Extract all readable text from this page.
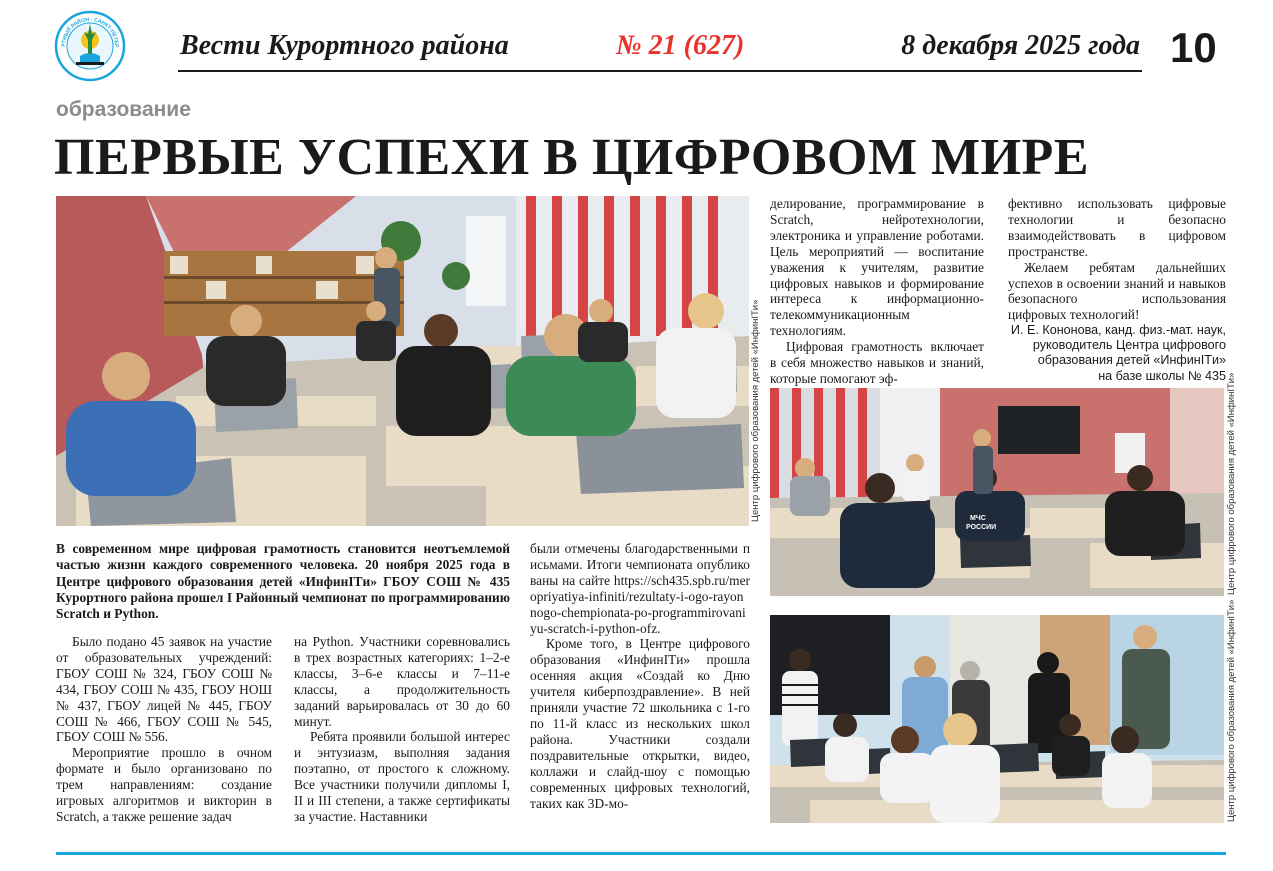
РТНЫЙ РАЙОН · САНКТ-ПЕТЕР Вести Курортного района	№ 21 (627)	8 декабря 2025 года 10
образование
ПЕРВЫЕ УСПЕХИ В ЦИФРОВОМ МИРЕ
Центр цифрового образования детей «ИнфинITи»	МЧС
РОССИИ	Центр цифрового образования детей «ИнфинITи»
Центр цифрового образования детей «ИнфинITи»

В современном мире цифровая грамотность становится неотъемлемой частью жизни каждого современного человека. 20 ноября 2025 года в Центре цифрового образования детей «ИнфинITи» ГБОУ СОШ № 435 Курортного района прошел I Районный чемпионат по программированию Scratch и Python.

Было подано 45 заявок на участие от образовательных учреждений: ГБОУ СОШ № 324, ГБОУ СОШ № 434, ГБОУ СОШ № 435, ГБОУ НОШ № 437, ГБОУ лицей № 445, ГБОУ СОШ № 466, ГБОУ СОШ № 545, ГБОУ СОШ № 556.

Мероприятие прошло в очном формате и было организовано по трем направлениям: создание игровых алгоритмов и викторин в Scratch, а также решение задач

на Python. Участники соревновались в трех возрастных категориях: 1–2-е классы, 3–6-е классы и 7–11-е классы, а продолжительность заданий варьировалась от 30 до 60 минут.

Ребята проявили большой интерес и энтузиазм, выполняя задания поэтапно, от простого к сложному. Все участники получили дипломы I, II и III степени, а также сертификаты за участие. Наставники

были отмечены благодарственными письмами. Итоги чемпионата опубликованы на сайте https://sch435.spb.ru/meropriyatiya-infiniti/rezultaty-i-ogo-rayonnogo-chempionata-po-programmirovaniyu-scratch-i-python-ofz.

Кроме того, в Центре цифрового образования «ИнфинITи» прошла осенняя акция «Создай ко Дню учителя киберпоздравление». В ней приняли участие 72 школьника с 1-го по 11-й класс из нескольких школ района. Участники создали поздравительные открытки, видео, коллажи и слайд-шоу с помощью современных цифровых технологий, таких как 3D-мо-

делирование, программирование в Scratch, нейротехнологии, электроника и управление роботами. Цель мероприятий — воспитание уважения к учителям, развитие цифровых навыков и формирование интереса к информационно-телекоммуникационным технологиям.

Цифровая грамотность включает в себя множество навыков и знаний, которые помогают эф-

фективно использовать цифровые технологии и безопасно взаимодействовать в цифровом пространстве.

Желаем ребятам дальнейших успехов в освоении знаний и навыков безопасного использования цифровых технологий!

И. Е. Кононова, канд. физ.-мат. наук,
руководитель Центра цифрового
образования детей «ИнфинITи»
на базе школы № 435
